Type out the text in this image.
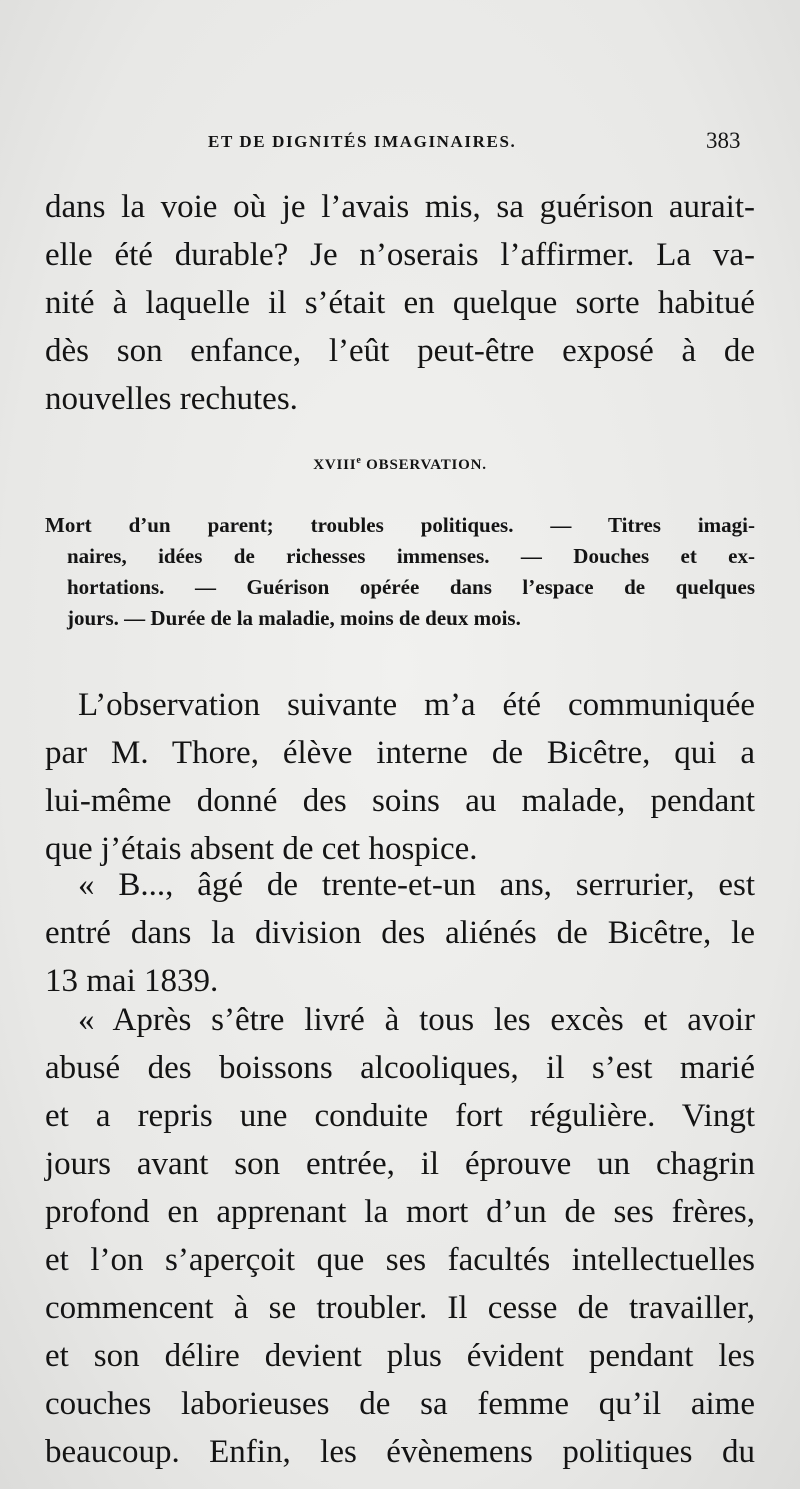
ET DE DIGNITÉS IMAGINAIRES.	383
dans la voie où je l’avais mis, sa guérison aurait-
elle été durable? Je n’oserais l’affirmer. La va-
nité à laquelle il s’était en quelque sorte habitué
dès son enfance, l’eût peut-être exposé à de
nouvelles rechutes.
XVIIIe OBSERVATION.
Mort d’un parent; troubles politiques. — Titres imagi-
naires, idées de richesses immenses. — Douches et ex-
hortations. — Guérison opérée dans l’espace de quelques
jours. — Durée de la maladie, moins de deux mois.
L’observation suivante m’a été communiquée
par M. Thore, élève interne de Bicêtre, qui a
lui-même donné des soins au malade, pendant
que j’étais absent de cet hospice.
« B..., âgé de trente-et-un ans, serrurier, est
entré dans la division des aliénés de Bicêtre, le
13 mai 1839.
« Après s’être livré à tous les excès et avoir
abusé des boissons alcooliques, il s’est marié
et a repris une conduite fort régulière. Vingt
jours avant son entrée, il éprouve un chagrin
profond en apprenant la mort d’un de ses frères,
et l’on s’aperçoit que ses facultés intellectuelles
commencent à se troubler. Il cesse de travailler,
et son délire devient plus évident pendant les
couches laborieuses de sa femme qu’il aime
beaucoup. Enfin, les évènemens politiques du
